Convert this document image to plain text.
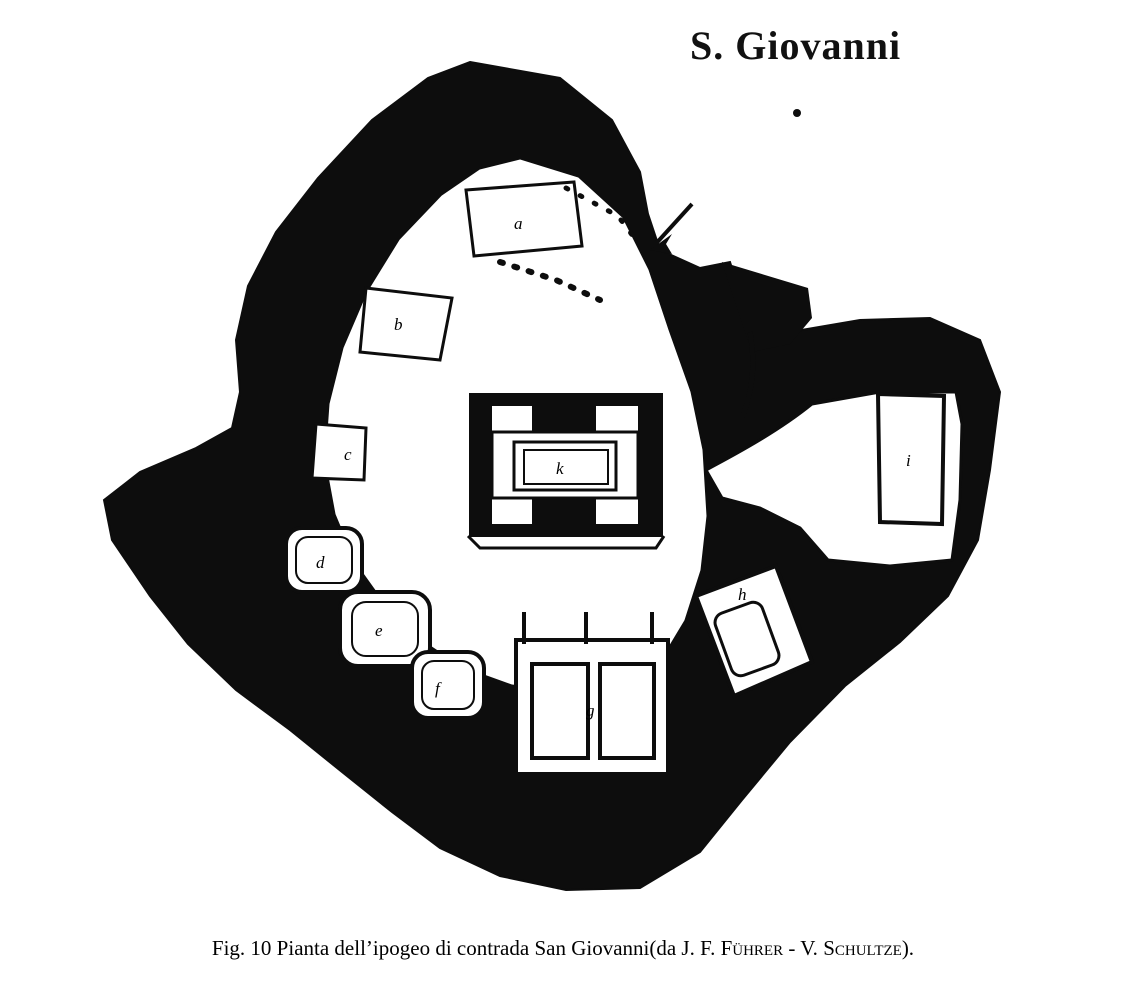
S. Giovanni
k
a
b
c
d
e
f
g
h
i
Fig. 10 Pianta dell’ipogeo di contrada San Giovanni(da J. F. Führer - V. Schultze).
